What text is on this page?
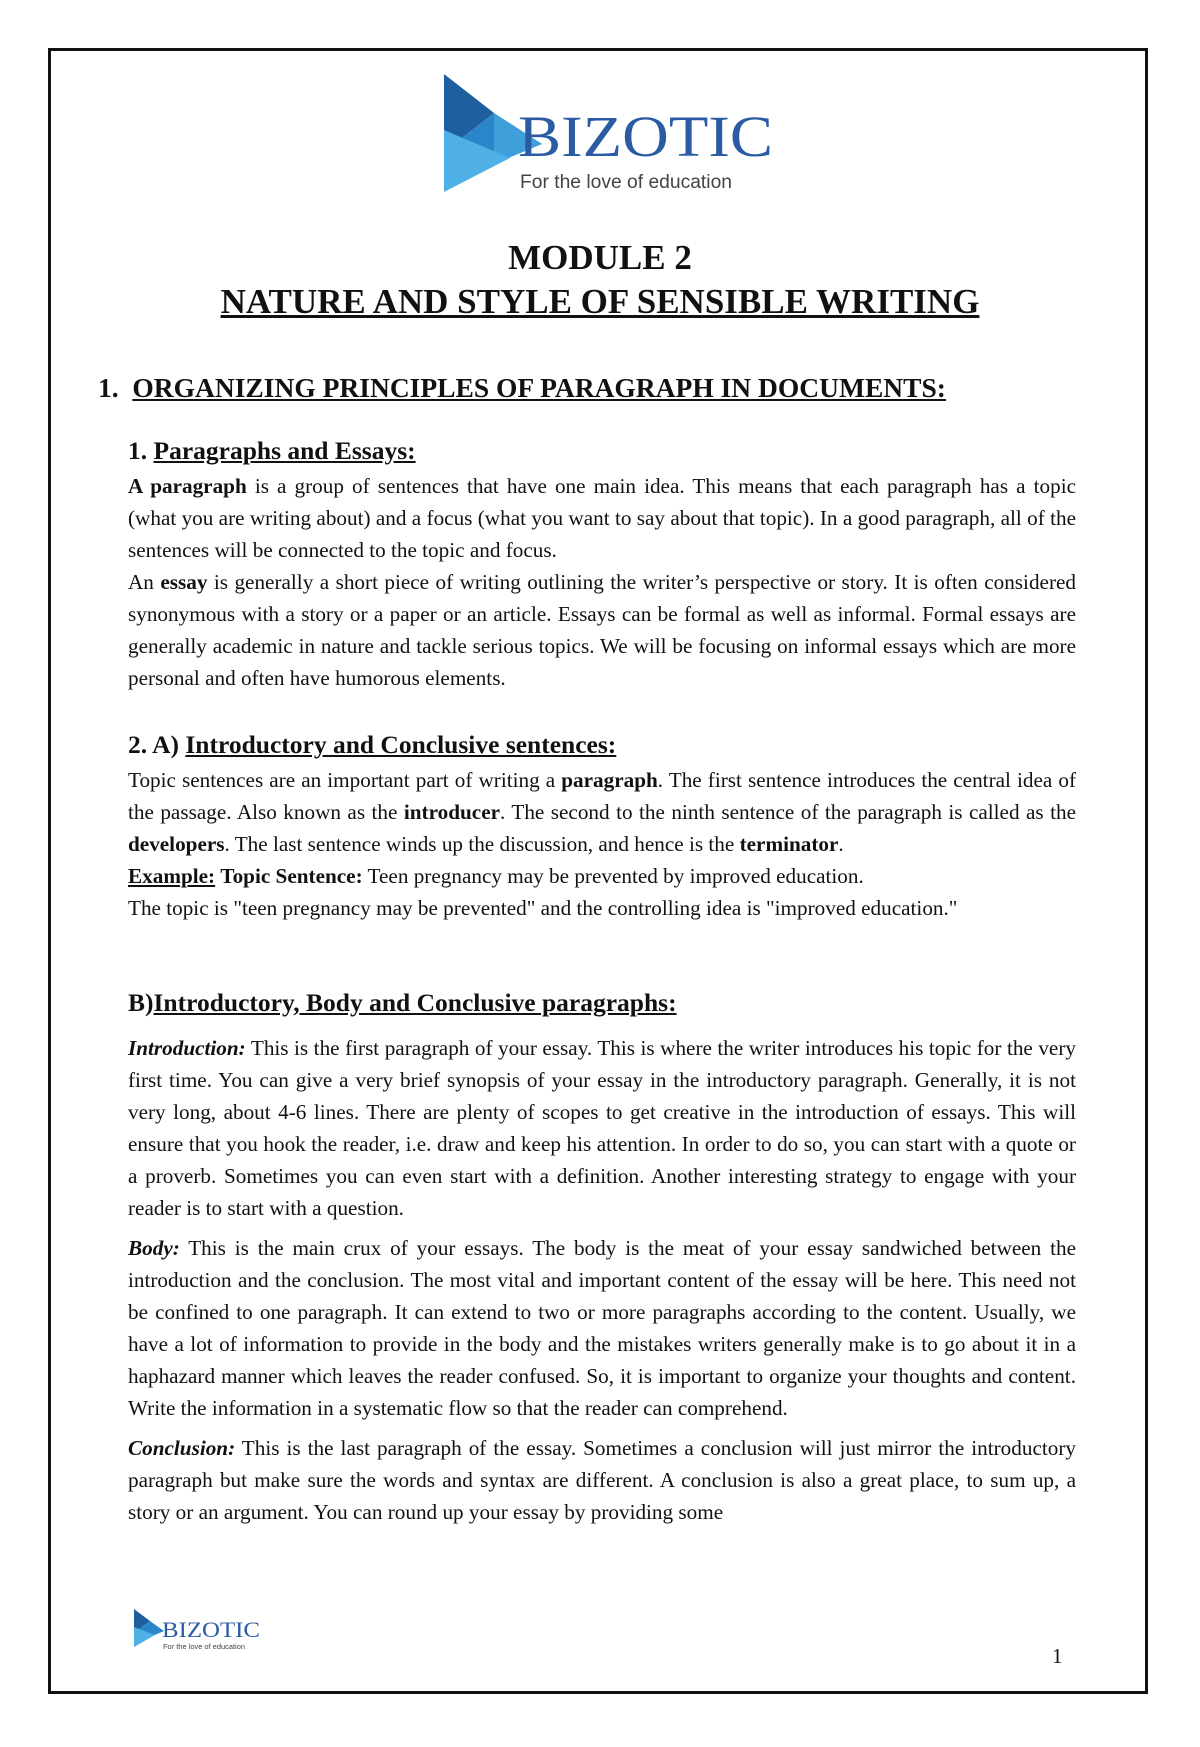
BIZOTIC
For the love of education

MODULE 2

NATURE AND STYLE OF SENSIBLE WRITING

1. ORGANIZING PRINCIPLES OF PARAGRAPH IN DOCUMENTS:

1. Paragraphs and Essays:

A paragraph is a group of sentences that have one main idea. This means that each paragraph has a topic (what you are writing about) and a focus (what you want to say about that topic). In a good paragraph, all of the sentences will be connected to the topic and focus.

An essay is generally a short piece of writing outlining the writer’s perspective or story. It is often considered synonymous with a story or a paper or an article. Essays can be formal as well as informal. Formal essays are generally academic in nature and tackle serious topics. We will be focusing on informal essays which are more personal and often have humorous elements.

2. A) Introductory and Conclusive sentences:

Topic sentences are an important part of writing a paragraph. The first sentence introduces the central idea of the passage. Also known as the introducer. The second to the ninth sentence of the paragraph is called as the developers. The last sentence winds up the discussion, and hence is the terminator.

Example: Topic Sentence: Teen pregnancy may be prevented by improved education.

The topic is "teen pregnancy may be prevented" and the controlling idea is "improved education."

B)Introductory, Body and Conclusive paragraphs:

Introduction: This is the first paragraph of your essay. This is where the writer introduces his topic for the very first time. You can give a very brief synopsis of your essay in the introductory paragraph. Generally, it is not very long, about 4-6 lines. There are plenty of scopes to get creative in the introduction of essays. This will ensure that you hook the reader, i.e. draw and keep his attention. In order to do so, you can start with a quote or a proverb. Sometimes you can even start with a definition. Another interesting strategy to engage with your reader is to start with a question.

Body: This is the main crux of your essays. The body is the meat of your essay sandwiched between the introduction and the conclusion. The most vital and important content of the essay will be here. This need not be confined to one paragraph. It can extend to two or more paragraphs according to the content. Usually, we have a lot of information to provide in the body and the mistakes writers generally make is to go about it in a haphazard manner which leaves the reader confused. So, it is important to organize your thoughts and content. Write the information in a systematic flow so that the reader can comprehend.

Conclusion: This is the last paragraph of the essay. Sometimes a conclusion will just mirror the introductory paragraph but make sure the words and syntax are different. A conclusion is also a great place, to sum up, a story or an argument. You can round up your essay by providing some

BIZOTIC
For the love of education	1
